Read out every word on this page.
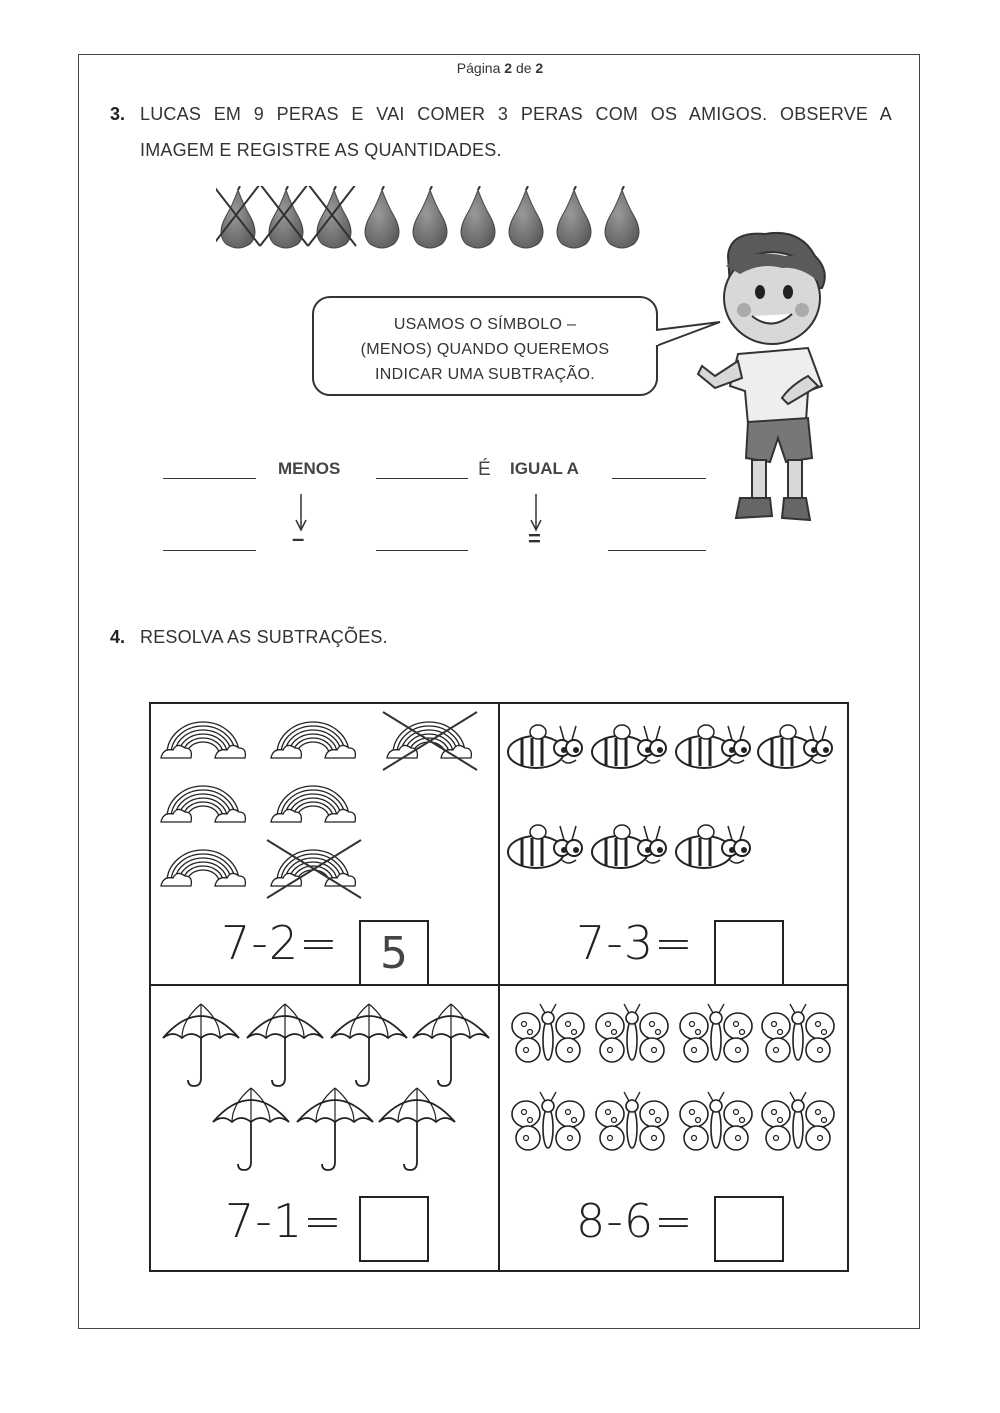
Página 2 de 2
3. LUCAS EM 9 PERAS E VAI COMER 3 PERAS COM OS AMIGOS. OBSERVE A
IMAGEM E REGISTRE AS QUANTIDADES.
USAMOS O SÍMBOLO –
(MENOS) QUANDO QUEREMOS
INDICAR UMA SUBTRAÇÃO.
MENOS	É IGUAL A
–	=
4. RESOLVA AS SUBTRAÇÕES.
7-2= 5	7-3=
7-1=	8-6=
